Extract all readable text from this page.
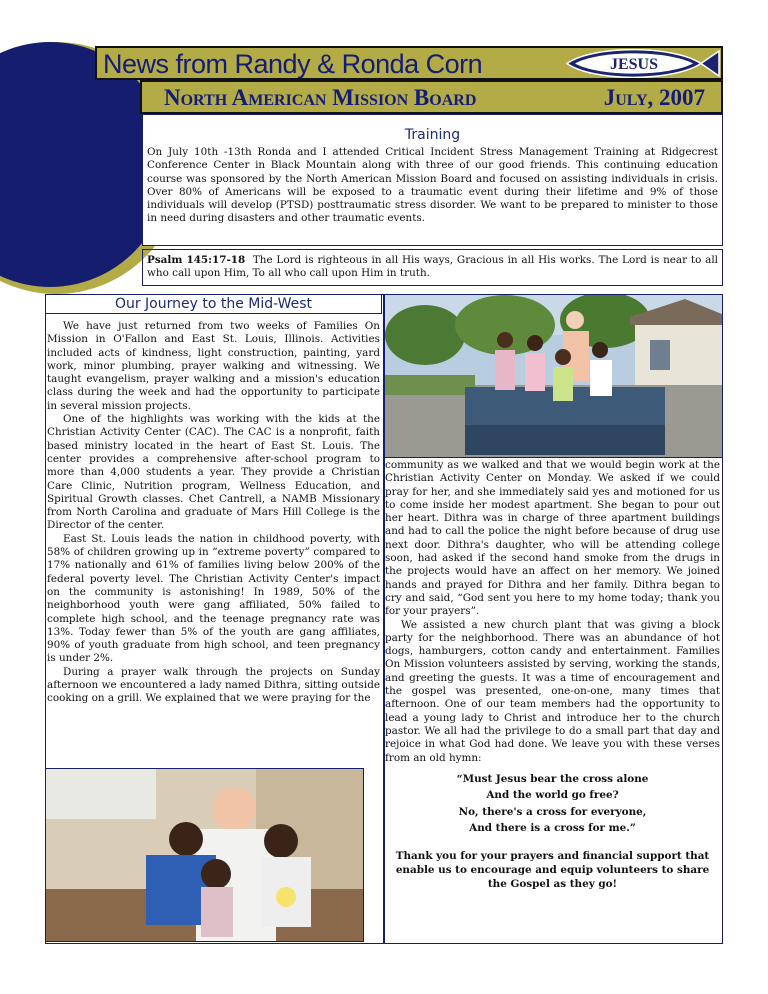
News from Randy & Ronda Corn
North American Mission Board	July, 2007
JESUS
Training
On July 10th -13th Ronda and I attended Critical Incident Stress Management Training at Ridgecrest Conference Center in Black Mountain along with three of our good friends. This continuing education course was sponsored by the North American Mission Board and focused on assisting individuals in crisis. Over 80% of Americans will be exposed to a traumatic event during their lifetime and 9% of those individuals will develop (PTSD) posttraumatic stress disorder. We want to be prepared to minister to those in need during disasters and other traumatic events.
Psalm 145:17-18 The Lord is righteous in all His ways, Gracious in all His works. The Lord is near to all who call upon Him, To all who call upon Him in truth.
Our Journey to the Mid-West

We have just returned from two weeks of Families On Mission in O'Fallon and East St. Louis, Illinois. Activities included acts of kindness, light construction, painting, yard work, minor plumbing, prayer walking and witnessing. We taught evangelism, prayer walking and a mission's education class during the week and had the opportunity to participate in several mission projects.

One of the highlights was working with the kids at the Christian Activity Center (CAC). The CAC is a nonprofit, faith based ministry located in the heart of East St. Louis. The center provides a comprehensive after-school program to more than 4,000 students a year. They provide a Christian Care Clinic, Nutrition program, Wellness Education, and Spiritual Growth classes. Chet Cantrell, a NAMB Missionary from North Carolina and graduate of Mars Hill College is the Director of the center.

East St. Louis leads the nation in childhood poverty, with 58% of children growing up in “extreme poverty” compared to 17% nationally and 61% of families living below 200% of the federal poverty level. The Christian Activity Center's impact on the community is astonishing! In 1989, 50% of the neighborhood youth were gang affiliated, 50% failed to complete high school, and the teenage pregnancy rate was 13%. Today fewer than 5% of the youth are gang affiliates, 90% of youth graduate from high school, and teen pregnancy is under 2%.

During a prayer walk through the projects on Sunday afternoon we encountered a lady named Dithra, sitting outside cooking on a grill. We explained that we were praying for the

community as we walked and that we would begin work at the Christian Activity Center on Monday. We asked if we could pray for her, and she immediately said yes and motioned for us to come inside her modest apartment. She began to pour out her heart. Dithra was in charge of three apartment buildings and had to call the police the night before because of drug use next door. Dithra's daughter, who will be attending college soon, had asked if the second hand smoke from the drugs in the projects would have an affect on her memory. We joined hands and prayed for Dithra and her family. Dithra began to cry and said, “God sent you here to my home today; thank you for your prayers”.

We assisted a new church plant that was giving a block party for the neighborhood. There was an abundance of hot dogs, hamburgers, cotton candy and entertainment. Families On Mission volunteers assisted by serving, working the stands, and greeting the guests. It was a time of encouragement and the gospel was presented, one-on-one, many times that afternoon. One of our team members had the opportunity to lead a young lady to Christ and introduce her to the church pastor. We all had the privilege to do a small part that day and rejoice in what God had done. We leave you with these verses from an old hymn:

“Must Jesus bear the cross alone
And the world go free?
No, there's a cross for everyone,
And there is a cross for me.”
Thank you for your prayers and financial support that enable us to encourage and equip volunteers to share the Gospel as they go!
